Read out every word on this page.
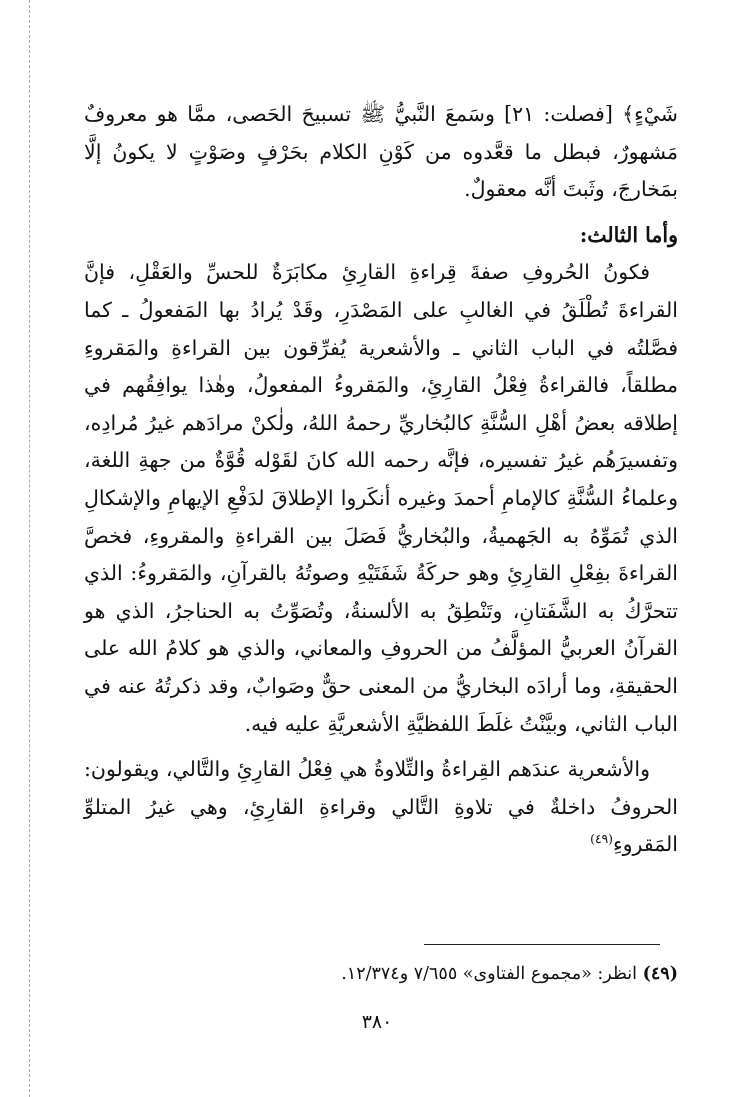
شَيْءٍ﴾ [فصلت: ٢١] وسَمعَ النَّبيُّ ﷺ تسبيحَ الحَصى، ممَّا هو معروفٌ مَشهورٌ، فبطل ما قعَّدوه من كَوْنِ الكلام بحَرْفٍ وصَوْتٍ لا يكونُ إلَّا بمَخارجَ، وثَبتَ أنَّه معقولٌ.

وأما الثالث:

فكونُ الحُروفِ صفةَ قِراءةِ القارِئِ مكابَرَةٌ للحسِّ والعَقْلِ، فإنَّ القراءةَ تُطْلَقُ في الغالبِ على المَصْدَرِ، وقَدْ يُرادُ بها المَفعولُ ـ كما فصَّلتُه في الباب الثاني ـ والأشعرية يُفرِّقون بين القراءةِ والمَقروءِ مطلقاً، فالقراءةُ فِعْلُ القارِئِ، والمَقروءُ المفعولُ، وهٰذا يوافِقُهم في إطلاقه بعضُ أهْلِ السُّنَّةِ كالبُخاريِّ رحمهُ اللهُ، ولٰكنْ مرادَهم غيرُ مُرادِه، وتفسيرَهُم غيرُ تفسيره، فإنَّه رحمه الله كانَ لقَوْله قُوَّةٌ من جهةِ اللغة، وعلماءُ السُّنَّةِ كالإمامِ أحمدَ وغيره أنكَروا الإطلاقَ لدَفْعِ الإيهامِ والإشكالِ الذي تُمَوِّهُ به الجَهميةُ، والبُخاريُّ فَصَلَ بين القراءةِ والمقروءِ، فخصَّ القراءةَ بفِعْلِ القارِئِ وهو حركَةُ شَفَتَيْهِ وصوتُهُ بالقرآنِ، والمَقروءُ: الذي تتحرَّكُ به الشَّفَتانِ، وتَنْطِقُ به الألسنةُ، وتُصَوِّتُ به الحناجرُ، الذي هو القرآنُ العربيُّ المؤلَّفُ من الحروفِ والمعاني، والذي هو كلامُ الله على الحقيقةِ، وما أرادَه البخاريُّ من المعنى حقٌّ وصَوابٌ، وقد ذكرتُهُ عنه في الباب الثاني، وبيَّنْتُ غلَطَ اللفظيَّةِ الأشعريَّةِ عليه فيه.

والأشعرية عندَهم القِراءةُ والتِّلاوةُ هي فِعْلُ القارِئِ والتَّالي، ويقولون: الحروفُ داخلةٌ في تلاوةِ التَّالي وقراءةِ القارِئِ، وهي غيرُ المتلوِّ المَقروءِ$^{(٤٩)}$

(٤٩) انظر: «مجموع الفتاوى» ٧/٦٥٥ و١٢/٣٧٤.
٣٨٠
